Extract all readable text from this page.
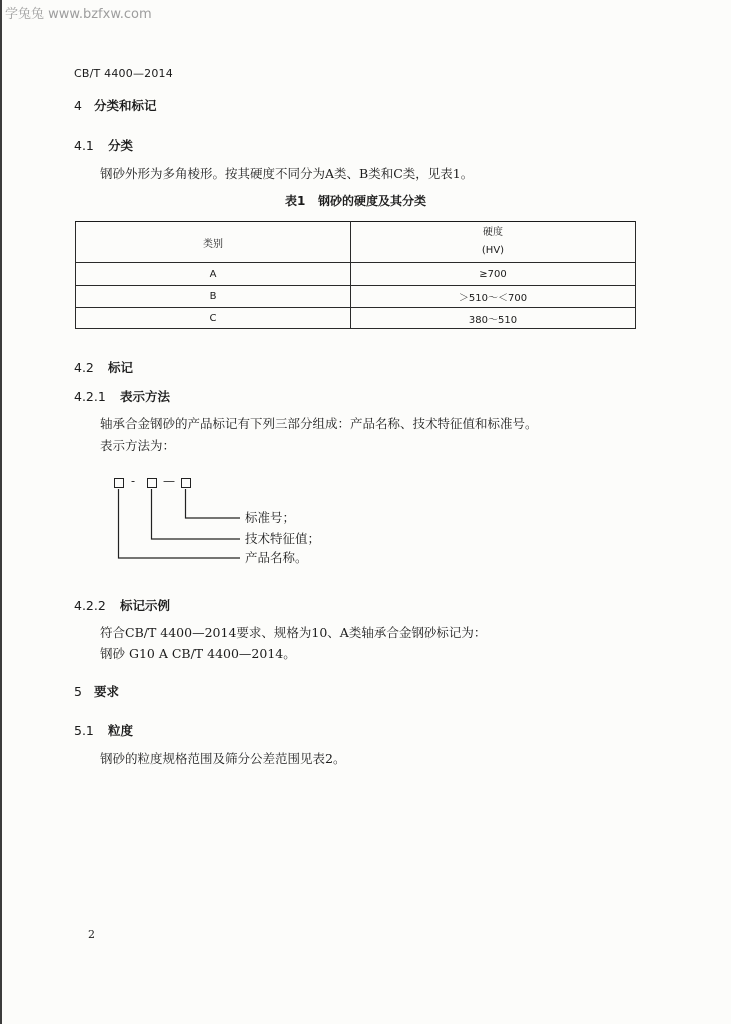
学兔兔 www.bzfxw.com
CB/T 4400—2014
4 分类和标记
4.1 分类
钢砂外形为多角棱形。按其硬度不同分为A类、B类和C类，见表1。
表1 钢砂的硬度及其分类
类别	硬度
(HV)

A	≥700
B	＞510～＜700
C	380～510
4.2 标记
4.2.1 表示方法
轴承合金钢砂的产品标记有下列三部分组成：产品名称、技术特征值和标准号。
表示方法为：
- —
标准号；
技术特征值；
产品名称。
4.2.2 标记示例
符合CB/T 4400—2014要求、规格为10、A类轴承合金钢砂标记为：
钢砂 G10 A CB/T 4400—2014。
5 要求
5.1 粒度
钢砂的粒度规格范围及筛分公差范围见表2。
2
